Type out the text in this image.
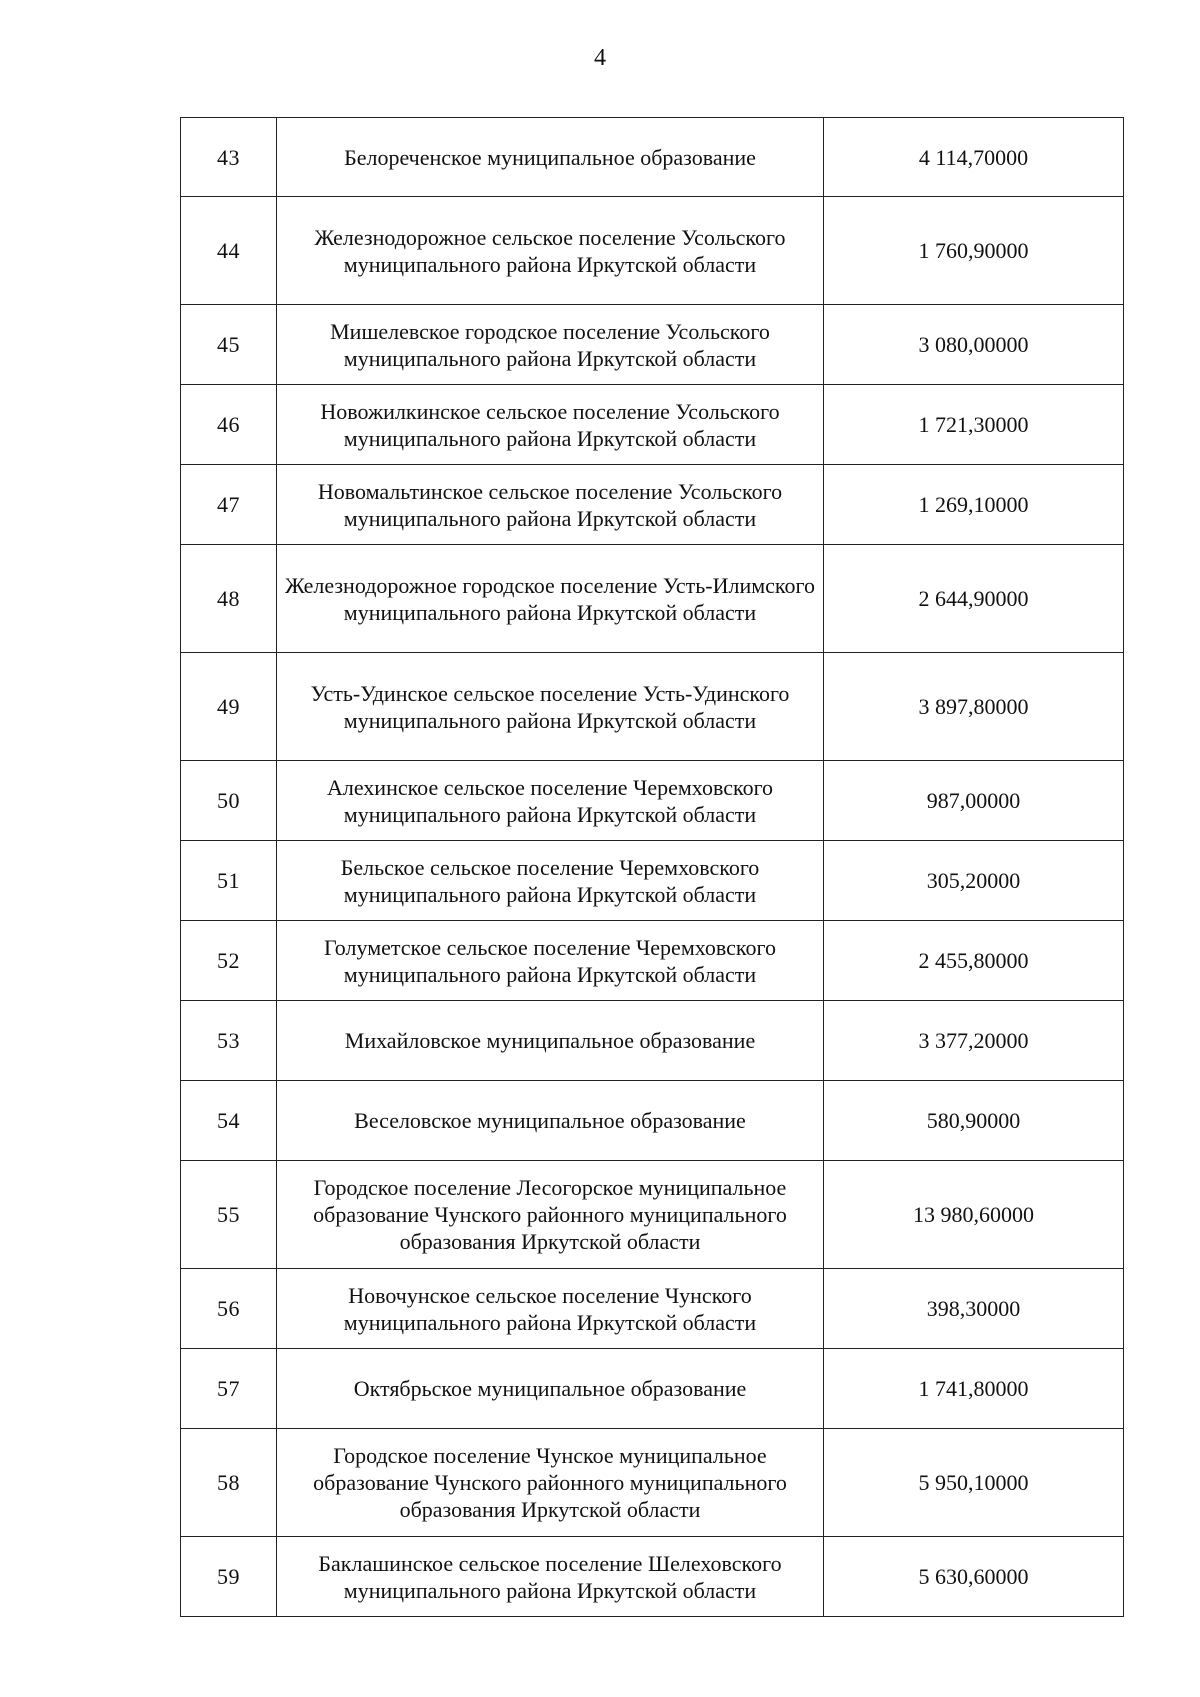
4
43	Белореченское муниципальное образование	4 114,70000
44	Железнодорожное сельское поселение Усольского муниципального района Иркутской области	1 760,90000
45	Мишелевское городское поселение Усольского муниципального района Иркутской области	3 080,00000
46	Новожилкинское сельское поселение Усольского муниципального района Иркутской области	1 721,30000
47	Новомальтинское сельское поселение Усольского муниципального района Иркутской области	1 269,10000
48	Железнодорожное городское поселение Усть-Илимского муниципального района Иркутской области	2 644,90000
49	Усть-Удинское сельское поселение Усть-Удинского муниципального района Иркутской области	3 897,80000
50	Алехинское сельское поселение Черемховского муниципального района Иркутской области	987,00000
51	Бельское сельское поселение Черемховского муниципального района Иркутской области	305,20000
52	Голуметское сельское поселение Черемховского муниципального района Иркутской области	2 455,80000
53	Михайловское муниципальное образование	3 377,20000
54	Веселовское муниципальное образование	580,90000
55	Городское поселение Лесогорское муниципальное образование Чунского районного муниципального образования Иркутской области	13 980,60000
56	Новочунское сельское поселение Чунского муниципального района Иркутской области	398,30000
57	Октябрьское муниципальное образование	1 741,80000
58	Городское поселение Чунское муниципальное образование Чунского районного муниципального образования Иркутской области	5 950,10000
59	Баклашинское сельское поселение Шелеховского муниципального района Иркутской области	5 630,60000
